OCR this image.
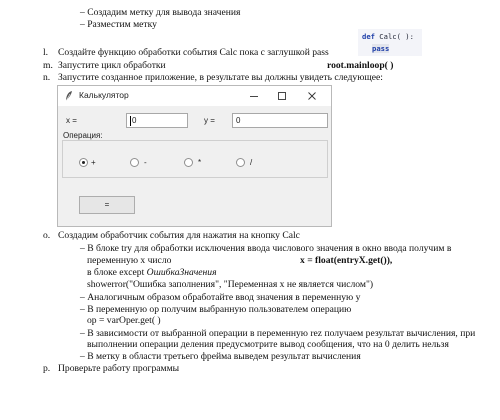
– Создадим метку для вывода значения
– Разместим метку
def Calc( ):
pass
l. Создайте функцию обработки события Calc пока с заглушкой pass
m. Запустите цикл обработки	root.mainloop( )
n. Запустите созданное приложение, в результате вы должны увидеть следующее:
Калькулятор
x =	0	y =	0
Операция:
+	-	*	/
=
o. Создадим обработчик события для нажатия на кнопку Calc
– В блоке try для обработки исключения ввода числового значения в окно ввода получим в
переменную x число	x = float(entryX.get()),
в блоке except ОшибкаЗначения
showerror("Ошибка заполнения", "Переменная x не является числом")
– Аналогичным образом обработайте ввод значения в переменную y
– В переменную op получим выбранную пользователем операцию
op = varOper.get( )
– В зависимости от выбранной операции в переменную rez получаем результат вычисления, при
выполнении операции деления предусмотрите вывод сообщения, что на 0 делить нельзя
– В метку в области третьего фрейма выведем результат вычисления
p. Проверьте работу программы
